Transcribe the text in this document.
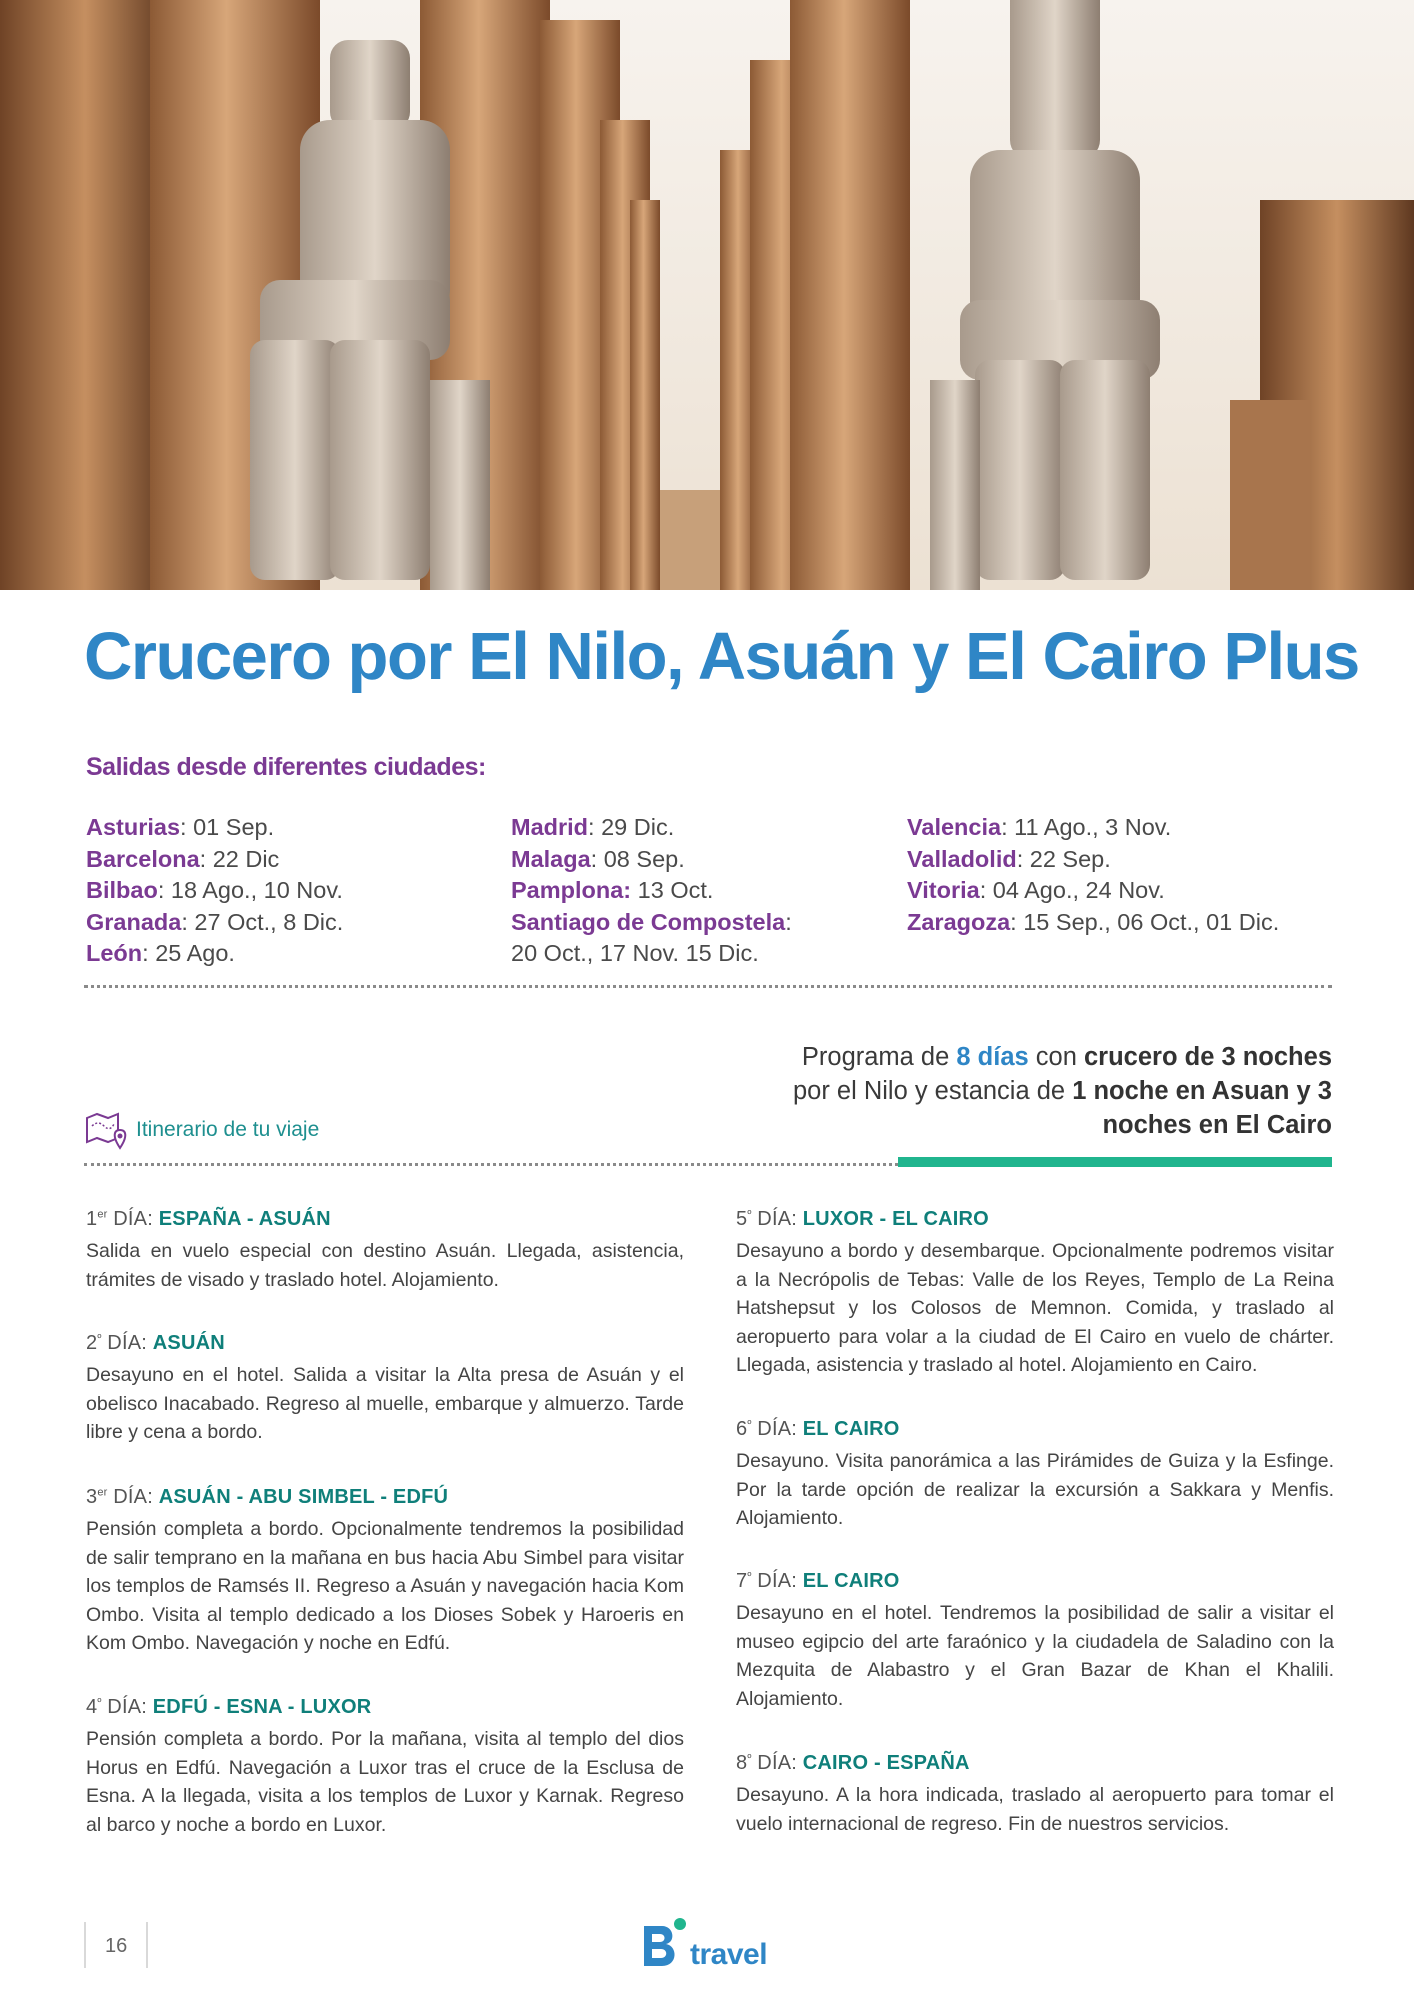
Crucero por El Nilo, Asuán y El Cairo Plus
Salidas desde diferentes ciudades:
Asturias: 01 Sep.
Barcelona: 22 Dic
Bilbao: 18 Ago., 10 Nov.
Granada: 27 Oct., 8 Dic.
León: 25 Ago.
Madrid: 29 Dic.
Malaga: 08 Sep.
Pamplona: 13 Oct.
Santiago de Compostela:
20 Oct., 17 Nov. 15 Dic.
Valencia: 11 Ago., 3 Nov.
Valladolid: 22 Sep.
Vitoria: 04 Ago., 24 Nov.
Zaragoza: 15 Sep., 06 Oct., 01 Dic.
Programa de 8 días con crucero de 3 noches por el Nilo y estancia de 1 noche en Asuan y 3 noches en El Cairo
Itinerario de tu viaje
1er DÍA: ESPAÑA - ASUÁN

Salida en vuelo especial con destino Asuán. Llegada, asistencia, trámites de visado y traslado hotel. Alojamiento.

$2^º$ DÍA: ASUÁN

Desayuno en el hotel. Salida a visitar la Alta presa de Asuán y el obelisco Inacabado. Regreso al muelle, embarque y almuerzo. Tarde libre y cena a bordo.

3er DÍA: ASUÁN - ABU SIMBEL - EDFÚ

Pensión completa a bordo. Opcionalmente tendremos la posibilidad de salir temprano en la mañana en bus hacia Abu Simbel para visitar los templos de Ramsés II. Regreso a Asuán y navegación hacia Kom Ombo. Visita al templo dedicado a los Dioses Sobek y Haroeris en Kom Ombo. Navegación y noche en Edfú.

$4^º$ DÍA: EDFÚ - ESNA - LUXOR

Pensión completa a bordo. Por la mañana, visita al templo del dios Horus en Edfú. Navegación a Luxor tras el cruce de la Esclusa de Esna. A la llegada, visita a los templos de Luxor y Karnak. Regreso al barco y noche a bordo en Luxor.

$5^º$ DÍA: LUXOR - EL CAIRO

Desayuno a bordo y desembarque. Opcionalmente podremos visitar a la Necrópolis de Tebas: Valle de los Reyes, Templo de La Reina Hatshepsut y los Colosos de Memnon. Comida, y traslado al aeropuerto para volar a la ciudad de El Cairo en vuelo de chárter. Llegada, asistencia y traslado al hotel. Alojamiento en Cairo.

$6^º$ DÍA: EL CAIRO

Desayuno. Visita panorámica a las Pirámides de Guiza y la Esfinge. Por la tarde opción de realizar la excursión a Sakkara y Menfis. Alojamiento.

$7^º$ DÍA: EL CAIRO

Desayuno en el hotel. Tendremos la posibilidad de salir a visitar el museo egipcio del arte faraónico y la ciudadela de Saladino con la Mezquita de Alabastro y el Gran Bazar de Khan el Khalili. Alojamiento.

$8^º$ DÍA: CAIRO - ESPAÑA

Desayuno. A la hora indicada, traslado al aeropuerto para tomar el vuelo internacional de regreso. Fin de nuestros servicios.

16	travel
